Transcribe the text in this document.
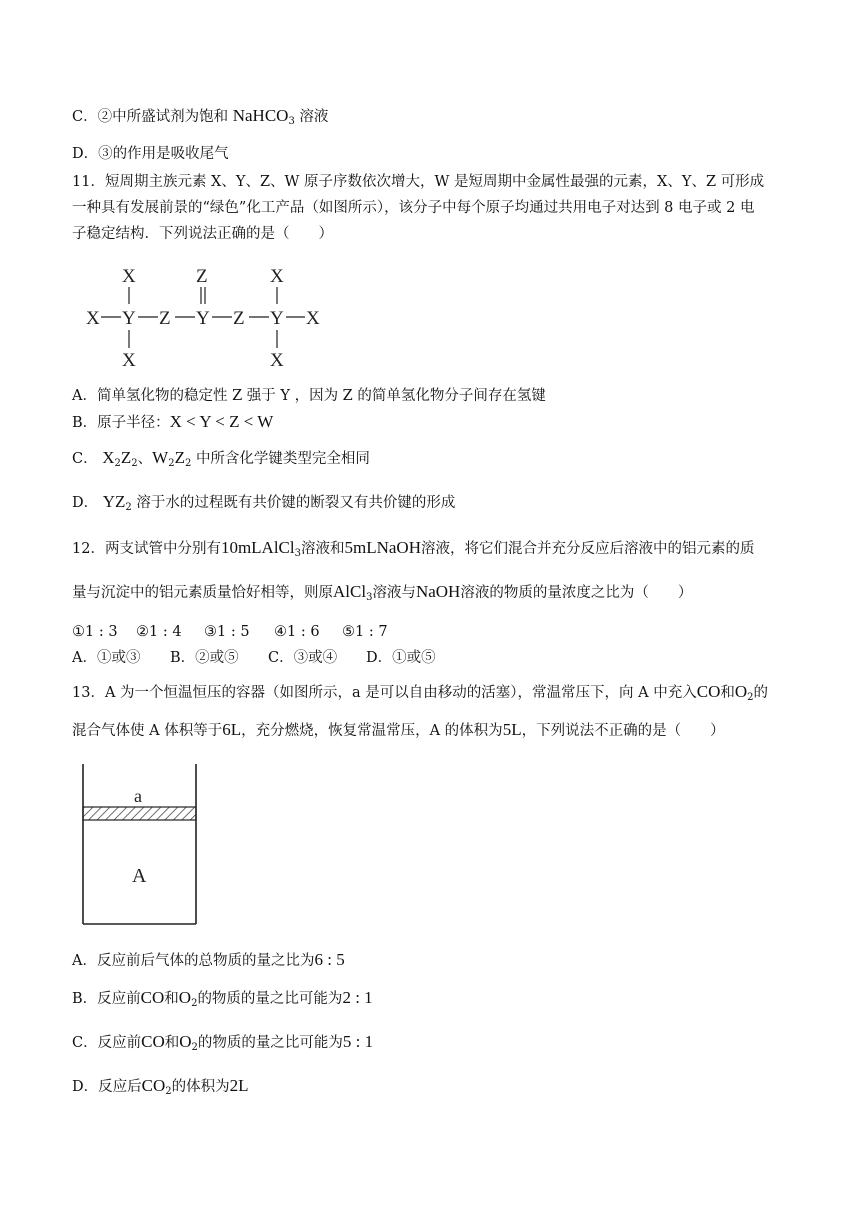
C．②中所盛试剂为饱和 NaHCO$_3$ 溶液
D．③的作用是吸收尾气
11．短周期主族元素 X、Y、Z、W 原子序数依次增大，W 是短周期中金属性最强的元素，X、Y、Z 可形成
一种具有发展前景的“绿色”化工产品（如图所示），该分子中每个原子均通过共用电子对达到 8 电子或 2 电
子稳定结构．下列说法正确的是（　　）
X	Z	X
X Y Z Y Z Y X
X	X
A．简单氢化物的稳定性 Z 强于 Y ，因为 Z 的简单氢化物分子间存在氢键
B．原子半径：X < Y < Z < W
C． $X_2Z_2$、$W_2Z_2$ 中所含化学键类型完全相同
D． $YZ_2$ 溶于水的过程既有共价键的断裂又有共价键的形成
12．两支试管中分别有10mLAlCl$_3$溶液和5mLNaOH溶液，将它们混合并充分反应后溶液中的铝元素的质
量与沉淀中的铝元素质量恰好相等，则原AlCl$_3$溶液与NaOH溶液的物质的量浓度之比为（　　）
①1 : 3 ②1 : 4 ③1 : 5 ④1 : 6 ⑤1 : 7
A．①或③ B．②或⑤ C．③或④ D．①或⑤
13．A 为一个恒温恒压的容器（如图所示，a 是可以自由移动的活塞），常温常压下，向 A 中充入CO和$O_2$的
混合气体使 A 体积等于6L，充分燃烧，恢复常温常压，A 的体积为5L，下列说法不正确的是（　　）
a
A
A．反应前后气体的总物质的量之比为6 : 5
B．反应前CO和$O_2$的物质的量之比可能为2 : 1
C．反应前CO和$O_2$的物质的量之比可能为5 : 1
D．反应后$CO_2$的体积为2L
